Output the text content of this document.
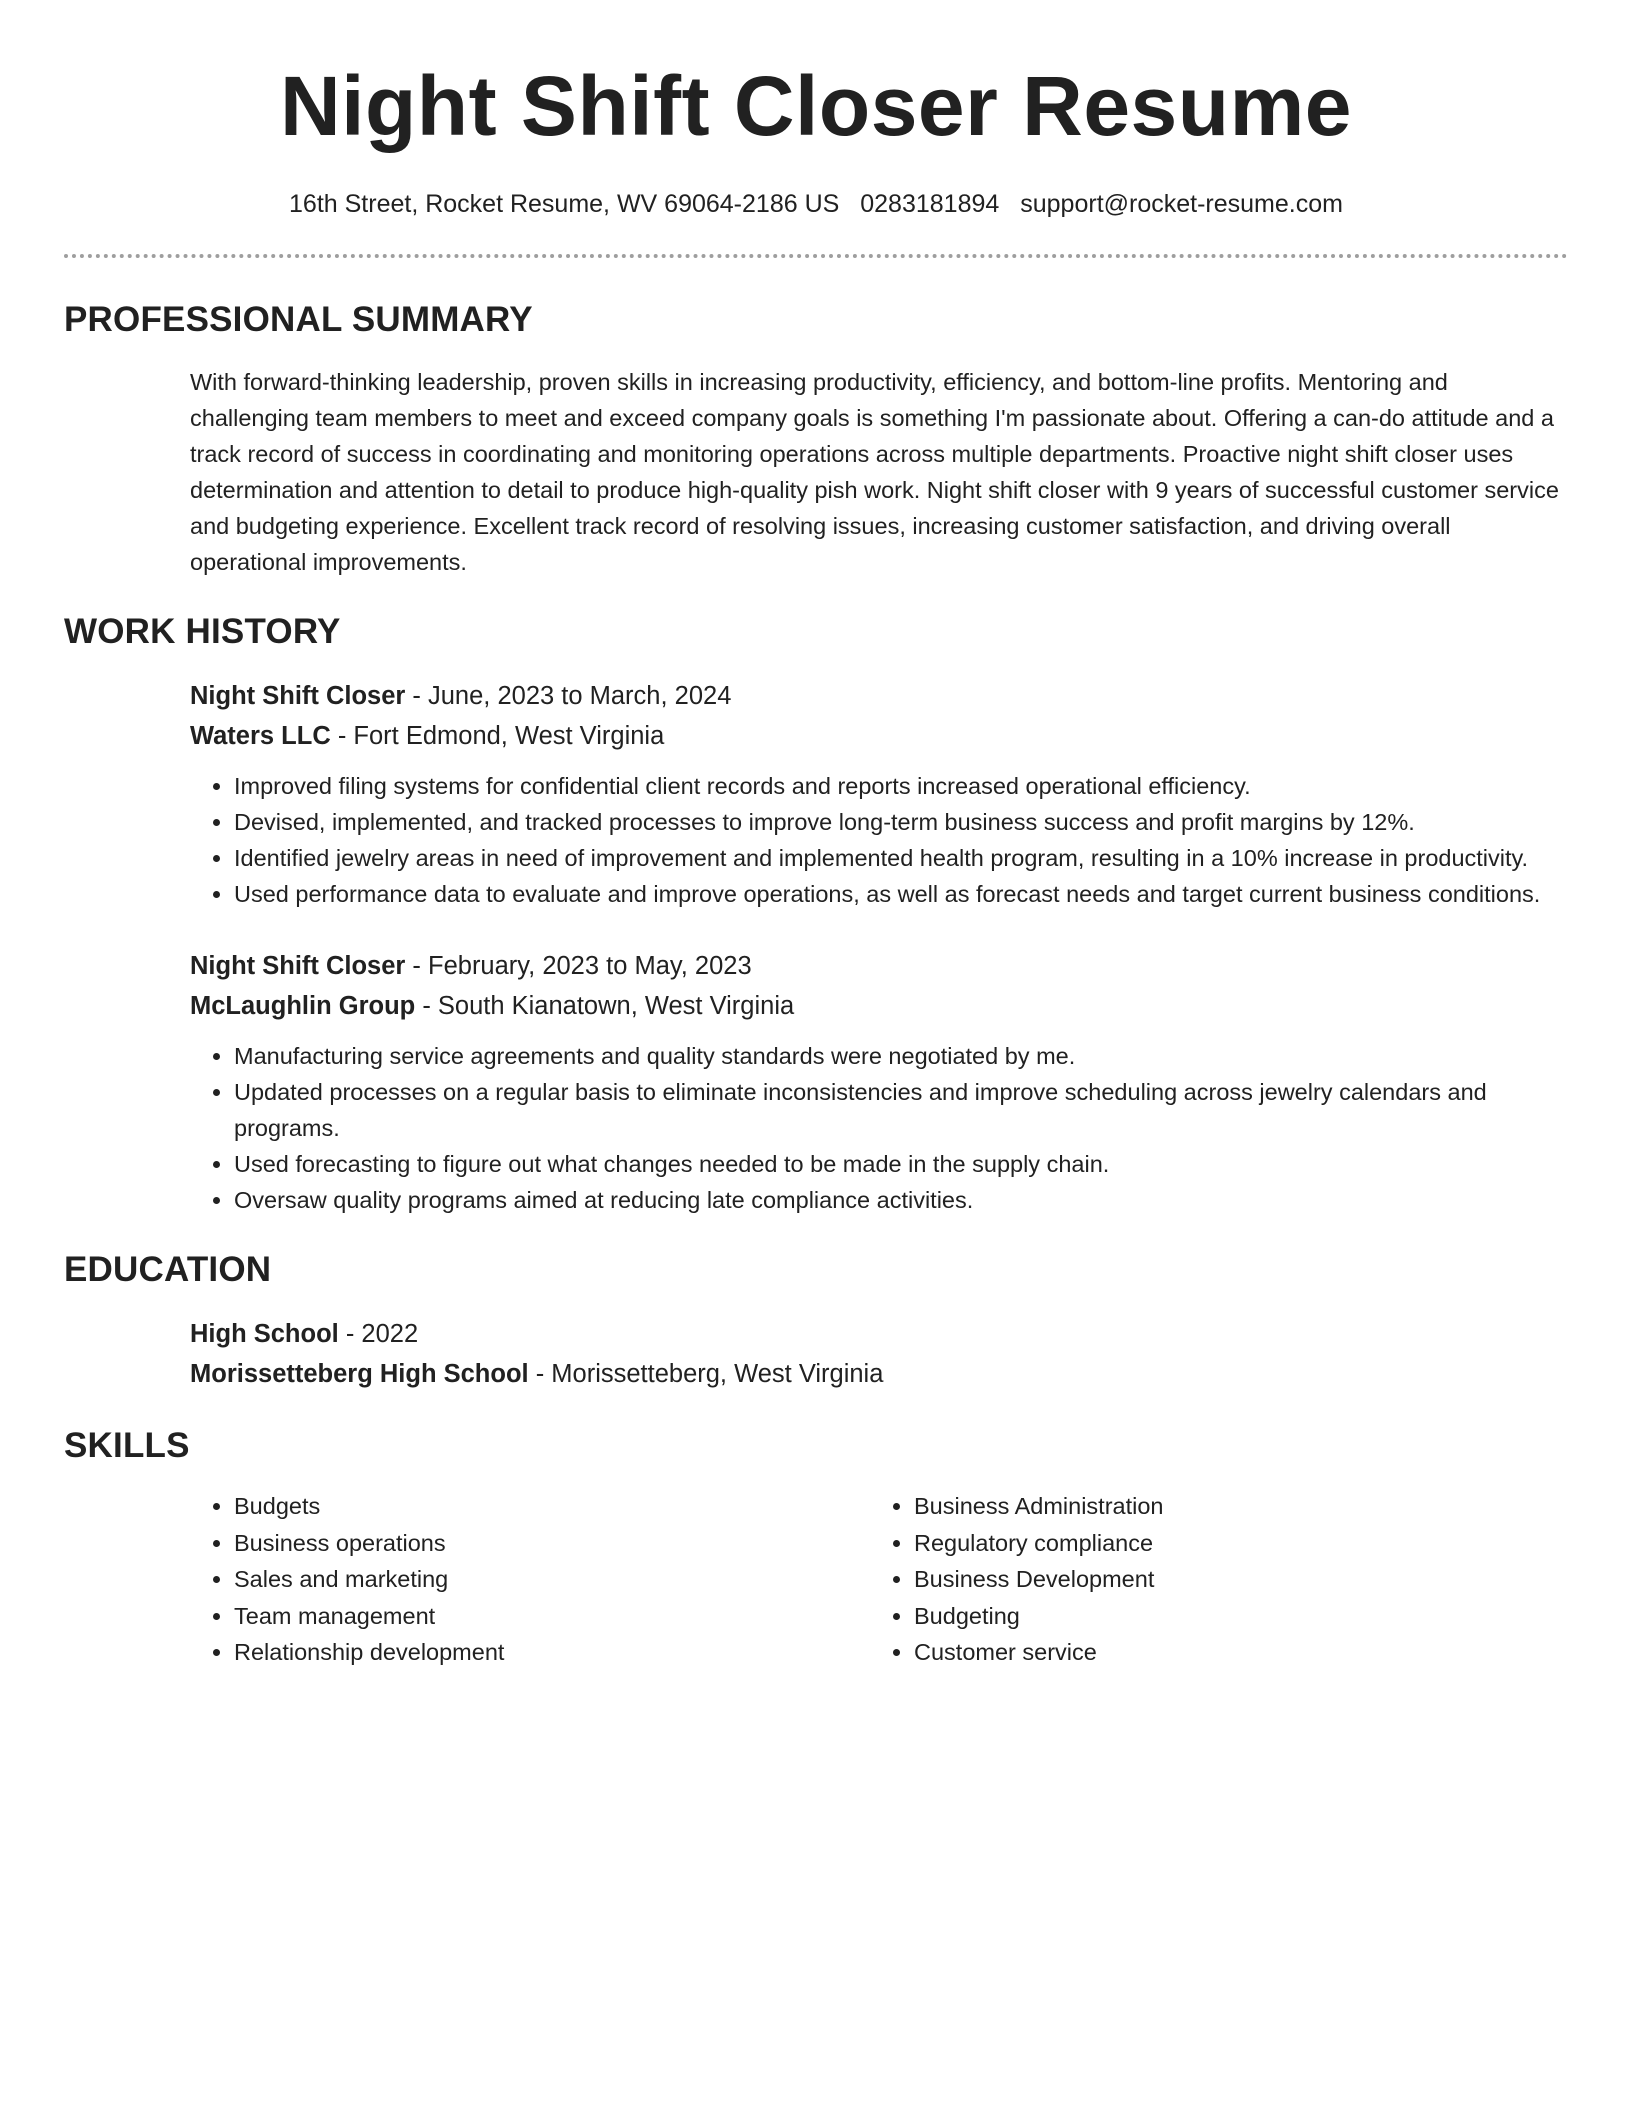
Night Shift Closer Resume
16th Street, Rocket Resume, WV 69064-2186 US 0283181894 support@rocket-resume.com
PROFESSIONAL SUMMARY

With forward-thinking leadership, proven skills in increasing productivity, efficiency, and bottom-line profits. Mentoring and challenging team members to meet and exceed company goals is something I'm passionate about. Offering a can-do attitude and a track record of success in coordinating and monitoring operations across multiple departments. Proactive night shift closer uses determination and attention to detail to produce high-quality pish work. Night shift closer with 9 years of successful customer service and budgeting experience. Excellent track record of resolving issues, increasing customer satisfaction, and driving overall operational improvements.

WORK HISTORY
Night Shift Closer - June, 2023 to March, 2024
Waters LLC - Fort Edmond, West Virginia
• Improved filing systems for confidential client records and reports increased operational efficiency.
• Devised, implemented, and tracked processes to improve long-term business success and profit margins by 12%.
• Identified jewelry areas in need of improvement and implemented health program, resulting in a 10% increase in productivity.
• Used performance data to evaluate and improve operations, as well as forecast needs and target current business conditions.
Night Shift Closer - February, 2023 to May, 2023
McLaughlin Group - South Kianatown, West Virginia
• Manufacturing service agreements and quality standards were negotiated by me.
• Updated processes on a regular basis to eliminate inconsistencies and improve scheduling across jewelry calendars and programs.
• Used forecasting to figure out what changes needed to be made in the supply chain.
• Oversaw quality programs aimed at reducing late compliance activities.
EDUCATION
High School - 2022
Morissetteberg High School - Morissetteberg, West Virginia
SKILLS
• Budgets
• Business operations
• Sales and marketing
• Team management
• Relationship development
• Business Administration
• Regulatory compliance
• Business Development
• Budgeting
• Customer service
